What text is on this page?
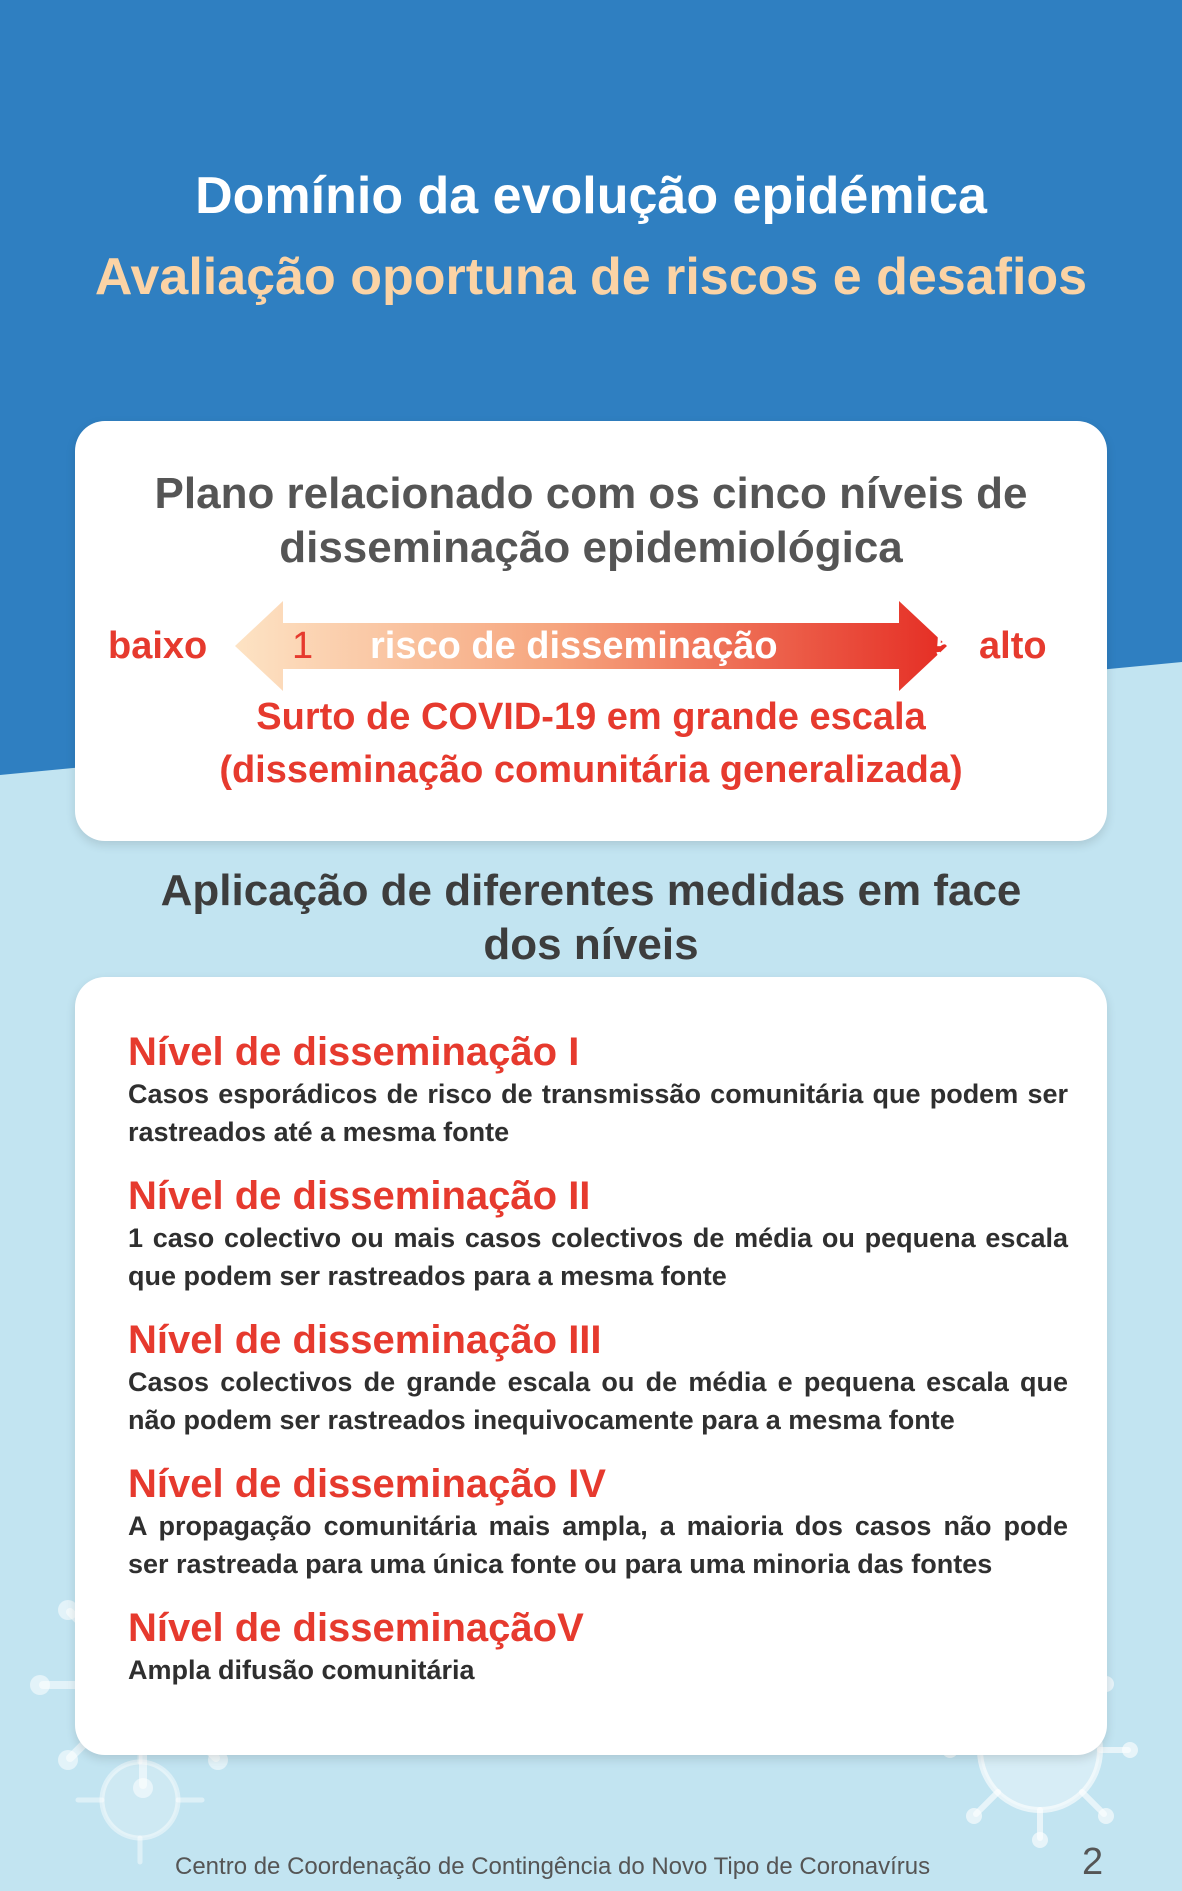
Domínio da evolução epidémica
Avaliação oportuna de riscos e desafios
Plano relacionado com os cinco níveis de
disseminação epidemiológica
baixo 1 risco de disseminação	5 alto
Surto de COVID-19 em grande escala
(disseminação comunitária generalizada)
Aplicação de diferentes medidas em face
dos níveis
Nível de disseminação I
Casos esporádicos de risco de transmissão comunitária que podem ser rastreados até a mesma fonte
Nível de disseminação II
1 caso colectivo ou mais casos colectivos de média ou pequena escala que podem ser rastreados para a mesma fonte
Nível de disseminação III
Casos colectivos de grande escala ou de média e pequena escala que não podem ser rastreados inequivocamente para a mesma fonte
Nível de disseminação IV
A propagação comunitária mais ampla, a maioria dos casos não pode ser rastreada para uma única fonte ou para uma minoria das fontes
Nível de disseminaçãoV
Ampla difusão comunitária
Centro de Coordenação de Contingência do Novo Tipo de Coronavírus	2
